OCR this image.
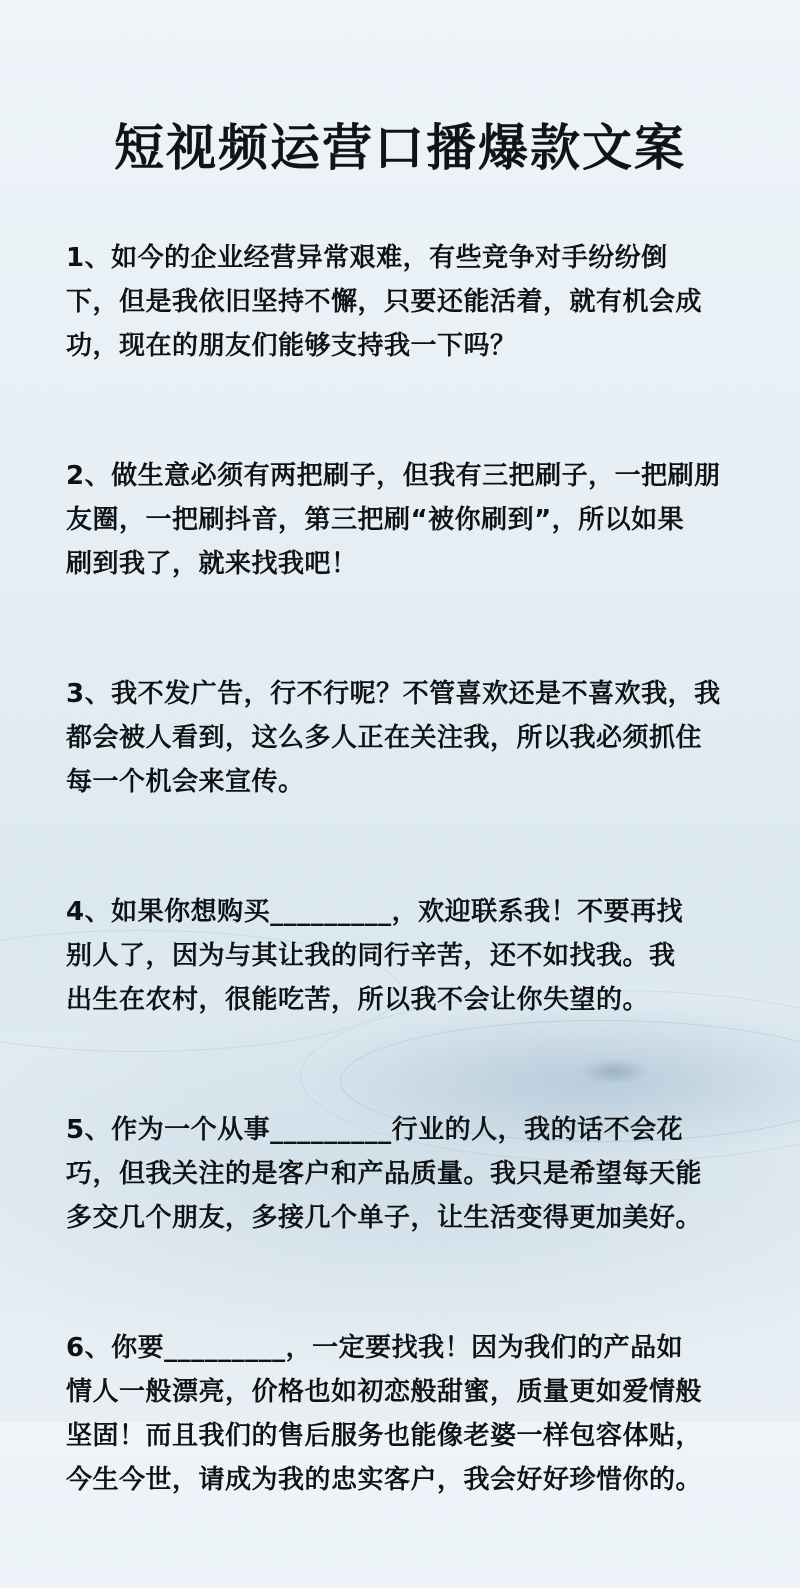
短视频运营口播爆款文案

1、如今的企业经营异常艰难，有些竞争对手纷纷倒
下，但是我依旧坚持不懈，只要还能活着，就有机会成
功，现在的朋友们能够支持我一下吗？

2、做生意必须有两把刷子，但我有三把刷子，一把刷朋
友圈，一把刷抖音，第三把刷“被你刷到”，所以如果
刷到我了，就来找我吧！

3、我不发广告，行不行呢？不管喜欢还是不喜欢我，我
都会被人看到，这么多人正在关注我，所以我必须抓住
每一个机会来宣传。

4、如果你想购买_________，欢迎联系我！不要再找
别人了，因为与其让我的同行辛苦，还不如找我。我
出生在农村，很能吃苦，所以我不会让你失望的。

5、作为一个从事_________行业的人，我的话不会花
巧，但我关注的是客户和产品质量。我只是希望每天能
多交几个朋友，多接几个单子，让生活变得更加美好。

6、你要_________，一定要找我！因为我们的产品如
情人一般漂亮，价格也如初恋般甜蜜，质量更如爱情般
坚固！而且我们的售后服务也能像老婆一样包容体贴，
今生今世，请成为我的忠实客户，我会好好珍惜你的。
